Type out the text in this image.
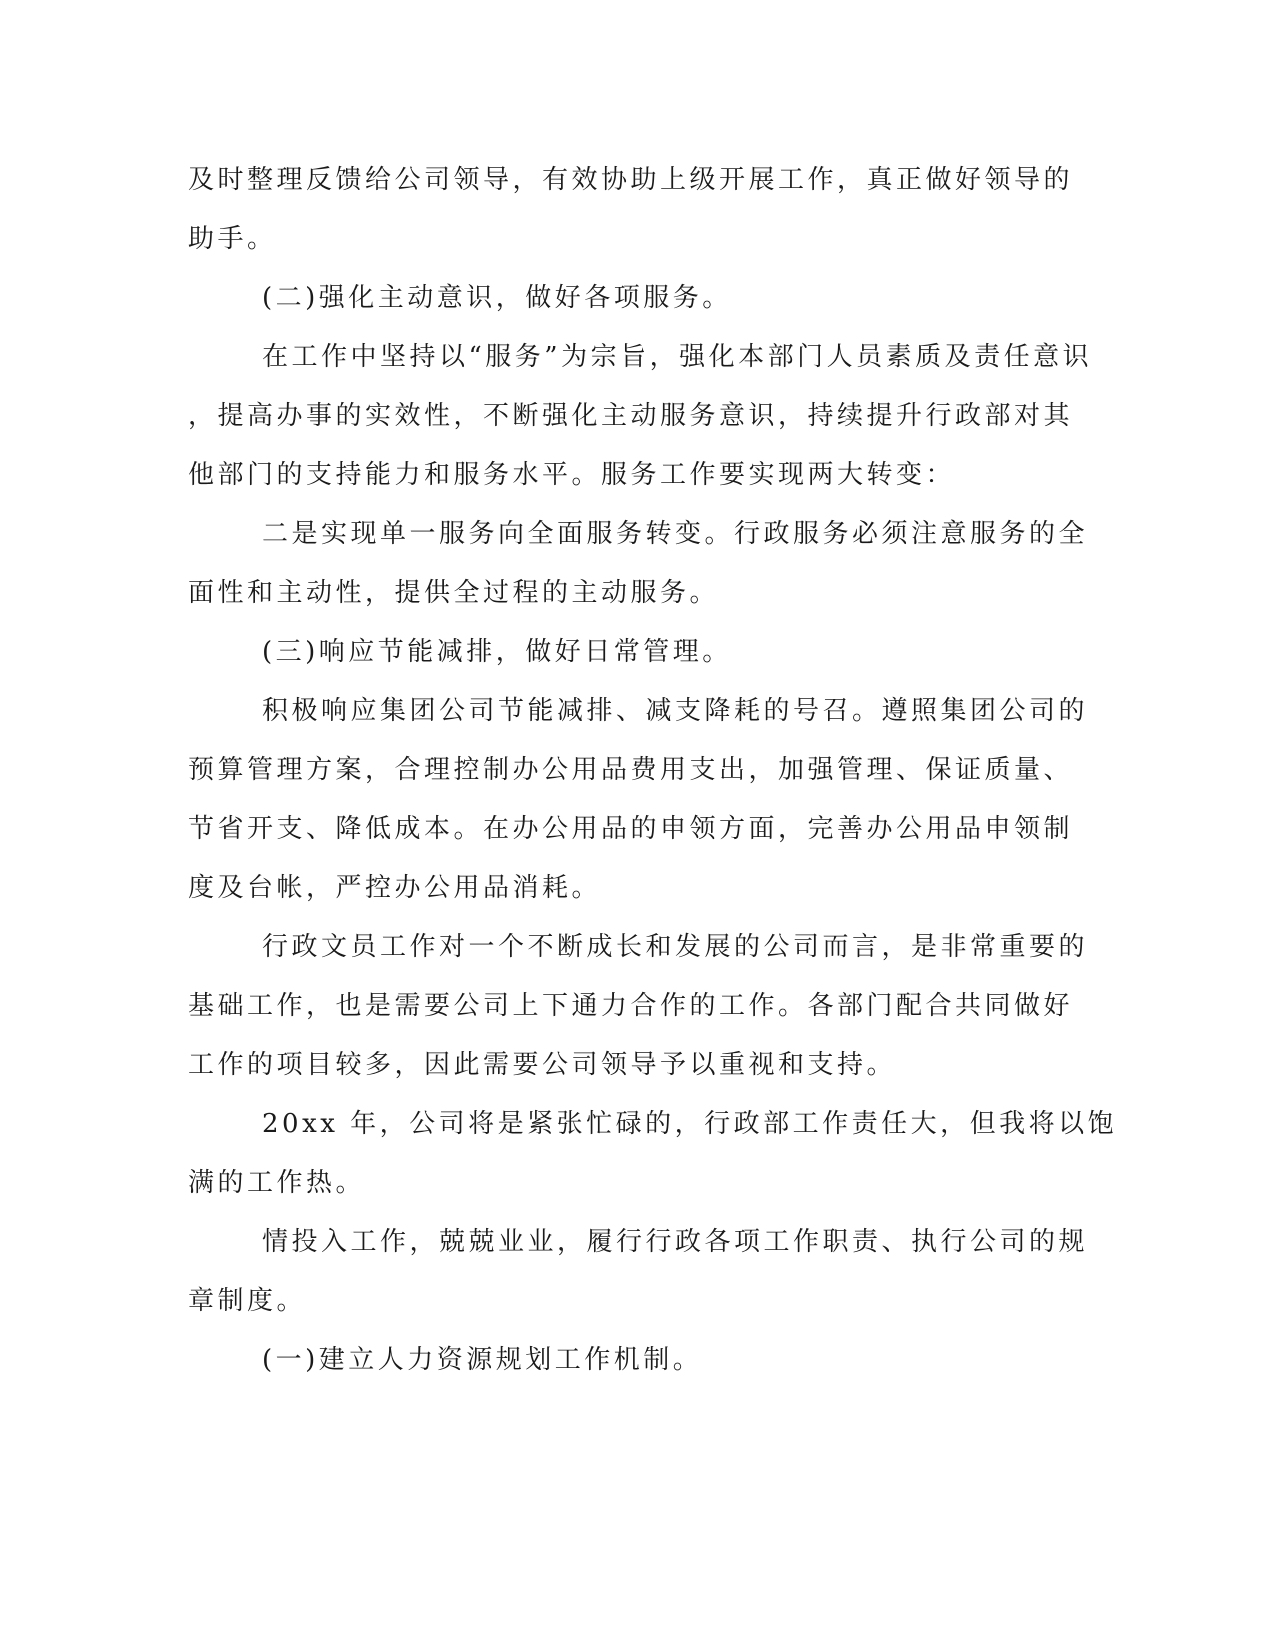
及时整理反馈给公司领导，有效协助上级开展工作，真正做好领导的
助手。
(二)强化主动意识，做好各项服务。
在工作中坚持以“服务”为宗旨，强化本部门人员素质及责任意识
，提高办事的实效性，不断强化主动服务意识，持续提升行政部对其
他部门的支持能力和服务水平。服务工作要实现两大转变：
二是实现单一服务向全面服务转变。行政服务必须注意服务的全
面性和主动性，提供全过程的主动服务。
(三)响应节能减排，做好日常管理。
积极响应集团公司节能减排、减支降耗的号召。遵照集团公司的
预算管理方案，合理控制办公用品费用支出，加强管理、保证质量、
节省开支、降低成本。在办公用品的申领方面，完善办公用品申领制
度及台帐，严控办公用品消耗。
行政文员工作对一个不断成长和发展的公司而言，是非常重要的
基础工作，也是需要公司上下通力合作的工作。各部门配合共同做好
工作的项目较多，因此需要公司领导予以重视和支持。
20xx 年，公司将是紧张忙碌的，行政部工作责任大，但我将以饱
满的工作热。
情投入工作，兢兢业业，履行行政各项工作职责、执行公司的规
章制度。
(一)建立人力资源规划工作机制。
